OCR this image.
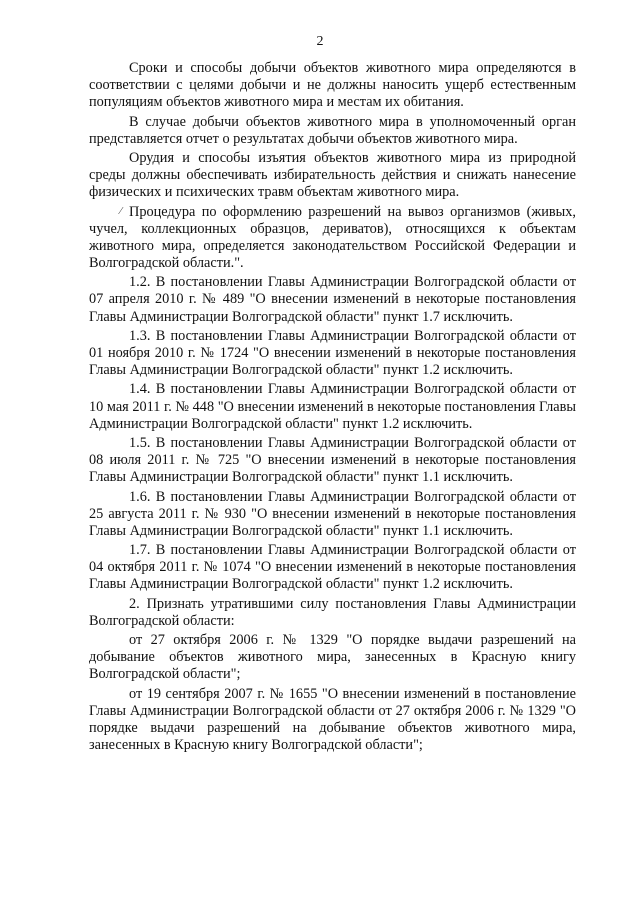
2
⁄

Сроки и способы добычи объектов животного мира определяются в соответствии с целями добычи и не должны наносить ущерб естественным популяциям объектов животного мира и местам их обитания.

В случае добычи объектов животного мира в уполномоченный орган представляется отчет о результатах добычи объектов животного мира.

Орудия и способы изъятия объектов животного мира из природной среды должны обеспечивать избирательность действия и снижать нанесение физических и психических травм объектам животного мира.

Процедура по оформлению разрешений на вывоз организмов (живых, чучел, коллекционных образцов, дериватов), относящихся к объектам животного мира, определяется законодательством Российской Федерации и Волгоградской области.".

1.2. В постановлении Главы Администрации Волгоградской области от 07 апреля 2010 г. № 489 "О внесении изменений в некоторые постановления Главы Администрации Волгоградской области" пункт 1.7 исключить.

1.3. В постановлении Главы Администрации Волгоградской области от 01 ноября 2010 г. № 1724 "О внесении изменений в некоторые постановления Главы Администрации Волгоградской области" пункт 1.2 исключить.

1.4. В постановлении Главы Администрации Волгоградской области от 10 мая 2011 г. № 448 "О внесении изменений в некоторые постановления Главы Администрации Волгоградской области" пункт 1.2 исключить.

1.5. В постановлении Главы Администрации Волгоградской области от 08 июля 2011 г. № 725 "О внесении изменений в некоторые постановления Главы Администрации Волгоградской области" пункт 1.1 исключить.

1.6. В постановлении Главы Администрации Волгоградской области от 25 августа 2011 г. № 930 "О внесении изменений в некоторые постановления Главы Администрации Волгоградской области" пункт 1.1 исключить.

1.7. В постановлении Главы Администрации Волгоградской области от 04 октября 2011 г. № 1074 "О внесении изменений в некоторые постановления Главы Администрации Волгоградской области" пункт 1.2 исключить.

2. Признать утратившими силу постановления Главы Администрации Волгоградской области:

от 27 октября 2006 г. № 1329 "О порядке выдачи разрешений на добывание объектов животного мира, занесенных в Красную книгу Волгоградской области";

от 19 сентября 2007 г. № 1655 "О внесении изменений в постановление Главы Администрации Волгоградской области от 27 октября 2006 г. № 1329 "О порядке выдачи разрешений на добывание объектов животного мира, занесенных в Красную книгу Волгоградской области";
